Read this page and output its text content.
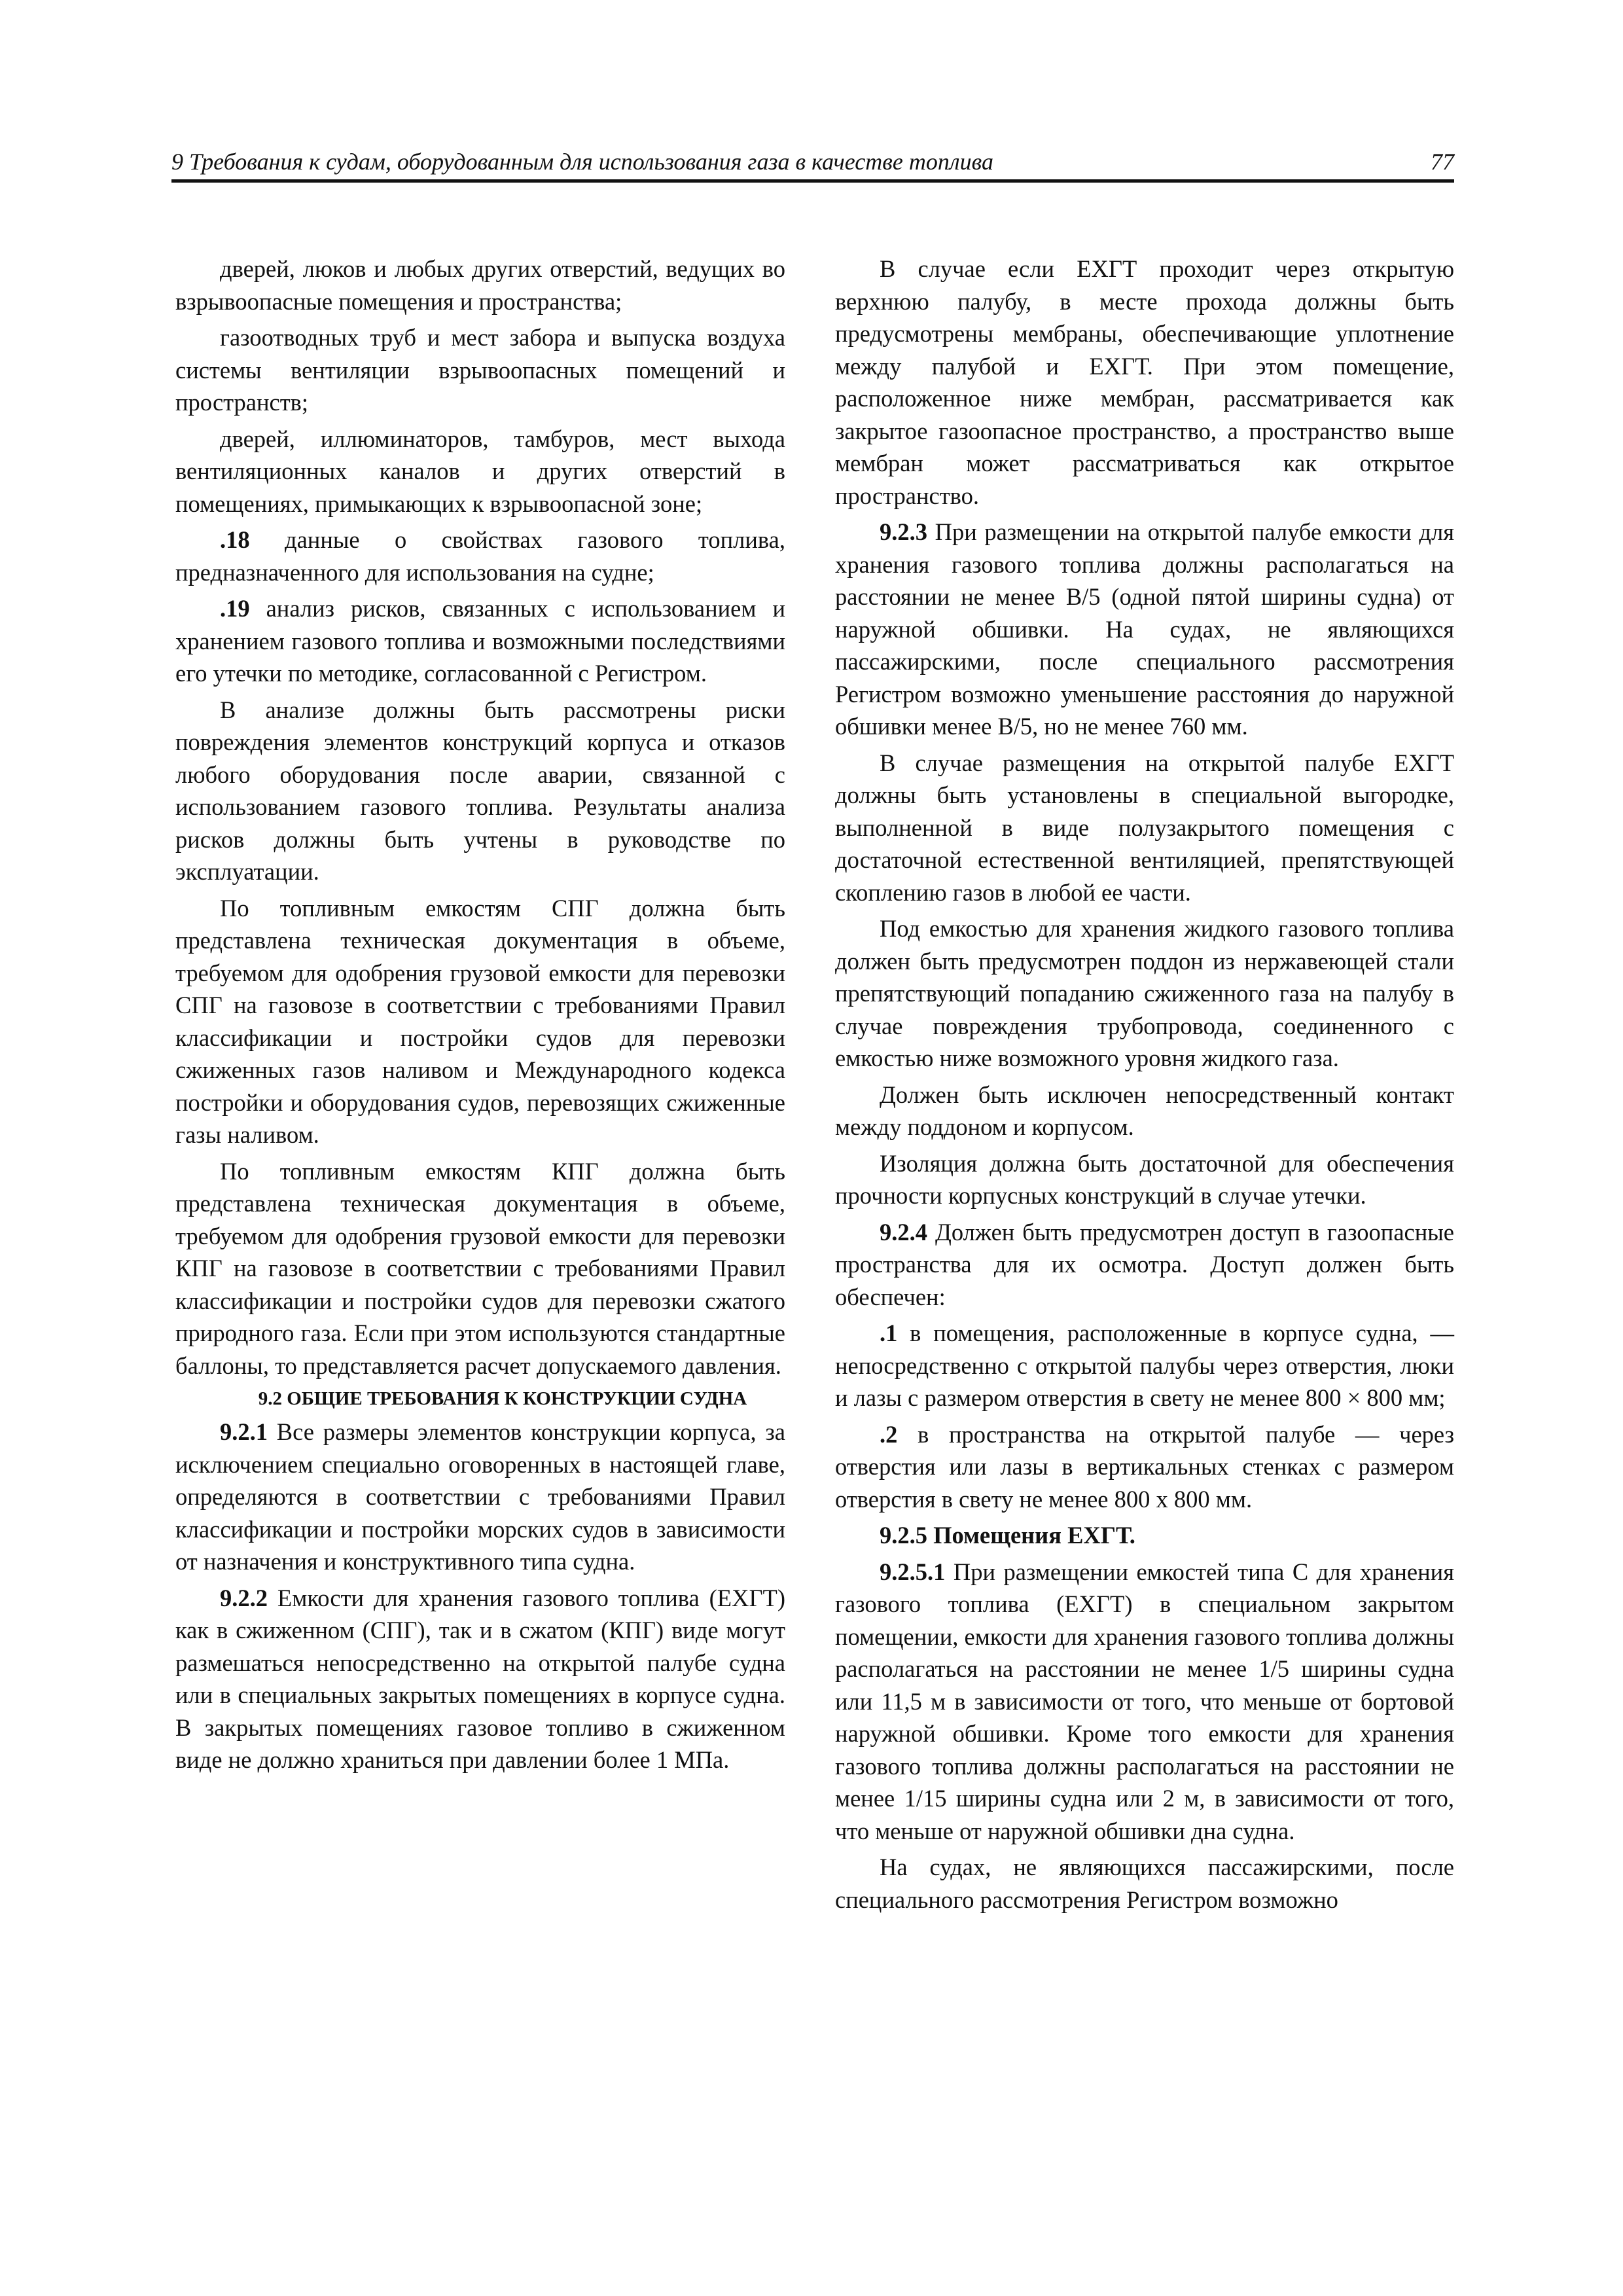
9 Требования к судам, оборудованным для использования газа в качестве топлива	77

дверей, люков и любых других отверстий, ведущих во взрывоопасные помещения и пространства;

газоотводных труб и мест забора и выпуска воздуха системы вентиляции взрывоопасных помещений и пространств;

дверей, иллюминаторов, тамбуров, мест выхода вентиляционных каналов и других отверстий в помещениях, примыкающих к взрывоопасной зоне;

.18 данные о свойствах газового топлива, предназначенного для использования на судне;

.19 анализ рисков, связанных с использованием и хранением газового топлива и возможными последствиями его утечки по методике, согласованной с Регистром.

В анализе должны быть рассмотрены риски повреждения элементов конструкций корпуса и отказов любого оборудования после аварии, связанной с использованием газового топлива. Результаты анализа рисков должны быть учтены в руководстве по эксплуатации.

По топливным емкостям СПГ должна быть представлена техническая документация в объеме, требуемом для одобрения грузовой емкости для перевозки СПГ на газовозе в соответствии с требованиями Правил классификации и постройки судов для перевозки сжиженных газов наливом и Международного кодекса постройки и оборудования судов, перевозящих сжиженные газы наливом.

По топливным емкостям КПГ должна быть представлена техническая документация в объеме, требуемом для одобрения грузовой емкости для перевозки КПГ на газовозе в соответствии с требованиями Правил классификации и постройки судов для перевозки сжатого природного газа. Если при этом используются стандартные баллоны, то представляется расчет допускаемого давления.

9.2 ОБЩИЕ ТРЕБОВАНИЯ К КОНСТРУКЦИИ СУДНА

9.2.1 Все размеры элементов конструкции корпуса, за исключением специально оговоренных в настоящей главе, определяются в соответствии с требованиями Правил классификации и постройки морских судов в зависимости от назначения и конструктивного типа судна.

9.2.2 Емкости для хранения газового топлива (ЕХГТ) как в сжиженном (СПГ), так и в сжатом (КПГ) виде могут размешаться непосредственно на открытой палубе судна или в специальных закрытых помещениях в корпусе судна. В закрытых помещениях газовое топливо в сжиженном виде не должно храниться при давлении более 1 МПа.

В случае если ЕХГТ проходит через открытую верхнюю палубу, в месте прохода должны быть предусмотрены мембраны, обеспечивающие уплотнение между палубой и ЕХГТ. При этом помещение, расположенное ниже мембран, рассматривается как закрытое газоопасное пространство, а пространство выше мембран может рассматриваться как открытое пространство.

9.2.3 При размещении на открытой палубе емкости для хранения газового топлива должны располагаться на расстоянии не менее B/5 (одной пятой ширины судна) от наружной обшивки. На судах, не являющихся пассажирскими, после специального рассмотрения Регистром возможно уменьшение расстояния до наружной обшивки менее B/5, но не менее 760 мм.

В случае размещения на открытой палубе ЕХГТ должны быть установлены в специальной выгородке, выполненной в виде полузакрытого помещения с достаточной естественной вентиляцией, препятствующей скоплению газов в любой ее части.

Под емкостью для хранения жидкого газового топлива должен быть предусмотрен поддон из нержавеющей стали препятствующий попаданию сжиженного газа на палубу в случае повреждения трубопровода, соединенного с емкостью ниже возможного уровня жидкого газа.

Должен быть исключен непосредственный контакт между поддоном и корпусом.

Изоляция должна быть достаточной для обеспечения прочности корпусных конструкций в случае утечки.

9.2.4 Должен быть предусмотрен доступ в газоопасные пространства для их осмотра. Доступ должен быть обеспечен:

.1 в помещения, расположенные в корпусе судна, — непосредственно с открытой палубы через отверстия, люки и лазы с размером отверстия в свету не менее 800 × 800 мм;

.2 в пространства на открытой палубе — через отверстия или лазы в вертикальных стенках с размером отверстия в свету не менее 800 х 800 мм.

9.2.5 Помещения ЕХГТ.

9.2.5.1 При размещении емкостей типа С для хранения газового топлива (ЕХГТ) в специальном закрытом помещении, емкости для хранения газового топлива должны располагаться на расстоянии не менее 1/5 ширины судна или 11,5 м в зависимости от того, что меньше от бортовой наружной обшивки. Кроме того емкости для хранения газового топлива должны располагаться на расстоянии не менее 1/15 ширины судна или 2 м, в зависимости от того, что меньше от наружной обшивки дна судна.

На судах, не являющихся пассажирскими, после специального рассмотрения Регистром возможно
